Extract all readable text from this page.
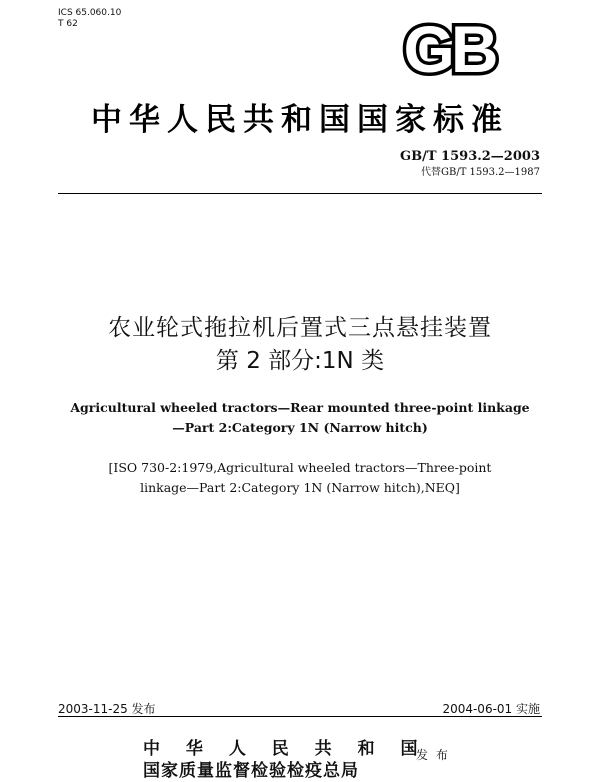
ICS 65.060.10
T 62	GB
中华人民共和国国家标准
GB/T 1593.2—2003
代替GB/T 1593.2—1987
农业轮式拖拉机后置式三点悬挂装置
第 2 部分:1N 类
Agricultural wheeled tractors—Rear mounted three-point linkage
—Part 2:Category 1N (Narrow hitch)
[ISO 730-2:1979,Agricultural wheeled tractors—Three-point
linkage—Part 2:Category 1N (Narrow hitch),NEQ]
2003-11-25 发布	2004-06-01 实施
中 华 人 民 共 和 国
国家质量监督检验检疫总局
发 布
